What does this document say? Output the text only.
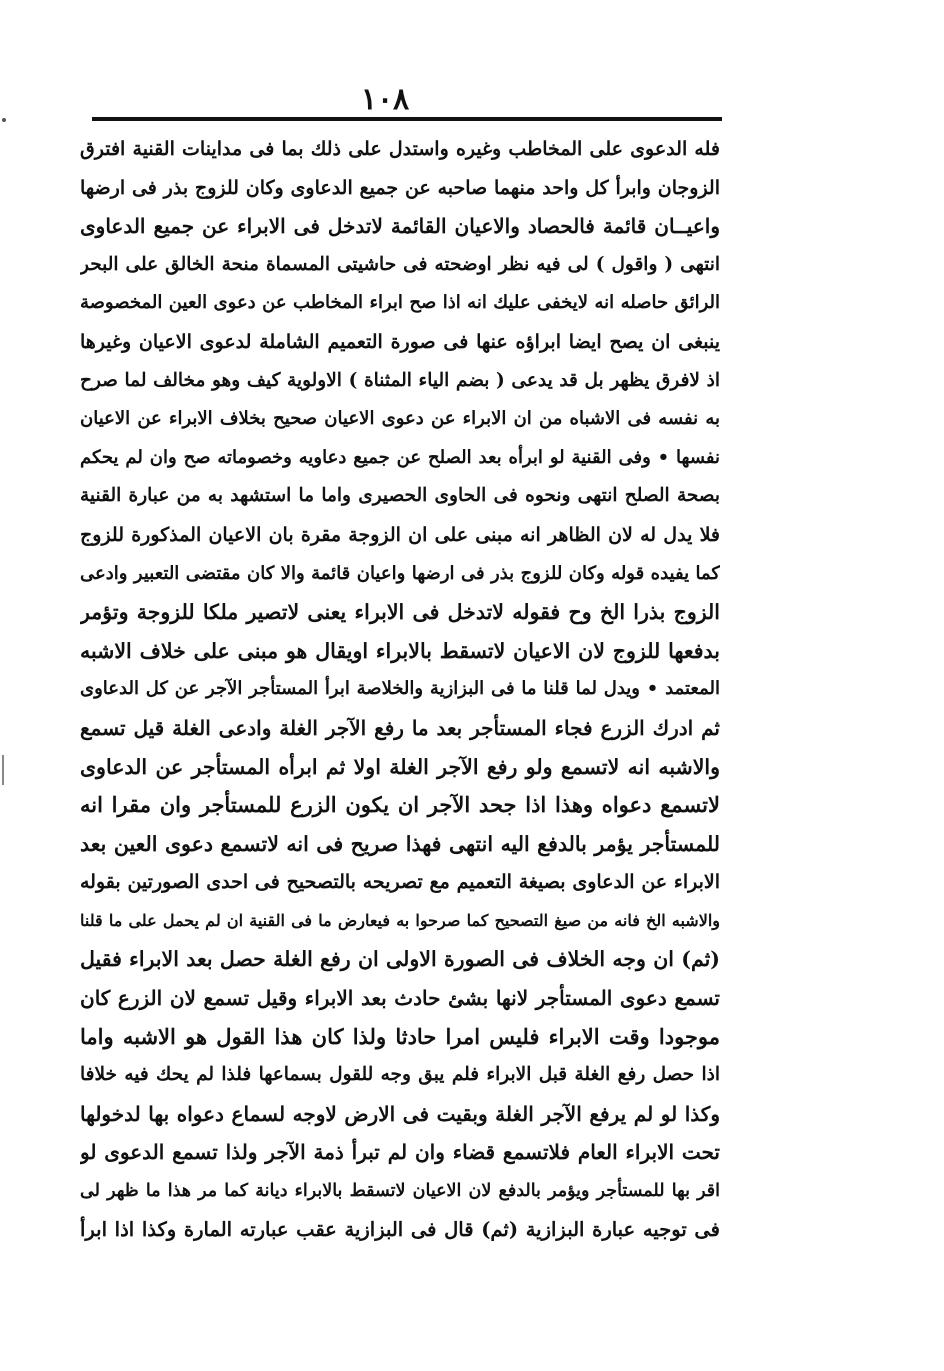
١٠٨
فله الدعوى على المخاطب وغيره واستدل على ذلك بما فى مداينات القنية افترق
الزوجان وابرأ كل واحد منهما صاحبه عن جميع الدعاوى وكان للزوج بذر فى ارضها
واعيــان قائمة فالحصاد والاعيان القائمة لاتدخل فى الابراء عن جميع الدعاوى
انتهى ( واقول ) لى فيه نظر اوضحته فى حاشيتى المسماة منحة الخالق على البحر
الرائق حاصله انه لايخفى عليك انه اذا صح ابراء المخاطب عن دعوى العين المخصوصة
ينبغى ان يصح ايضا ابراؤه عنها فى صورة التعميم الشاملة لدعوى الاعيان وغيرها
اذ لافرق يظهر بل قد يدعى ( بضم الياء المثناة ) الاولوية كيف وهو مخالف لما صرح
به نفسه فى الاشباه من ان الابراء عن دعوى الاعيان صحيح بخلاف الابراء عن الاعيان
نفسها • وفى القنية لو ابرأه بعد الصلح عن جميع دعاويه وخصوماته صح وان لم يحكم
بصحة الصلح انتهى ونحوه فى الحاوى الحصيرى واما ما استشهد به من عبارة القنية
فلا يدل له لان الظاهر انه مبنى على ان الزوجة مقرة بان الاعيان المذكورة للزوج
كما يفيده قوله وكان للزوج بذر فى ارضها واعيان قائمة والا كان مقتضى التعبير وادعى
الزوج بذرا الخ وح فقوله لاتدخل فى الابراء يعنى لاتصير ملكا للزوجة وتؤمر
بدفعها للزوج لان الاعيان لاتسقط بالابراء اويقال هو مبنى على خلاف الاشبه
المعتمد • ويدل لما قلنا ما فى البزازية والخلاصة ابرأ المستأجر الآجر عن كل الدعاوى
ثم ادرك الزرع فجاء المستأجر بعد ما رفع الآجر الغلة وادعى الغلة قيل تسمع
والاشبه انه لاتسمع ولو رفع الآجر الغلة اولا ثم ابرأه المستأجر عن الدعاوى
لاتسمع دعواه وهذا اذا جحد الآجر ان يكون الزرع للمستأجر وان مقرا انه
للمستأجر يؤمر بالدفع اليه انتهى فهذا صريح فى انه لاتسمع دعوى العين بعد
الابراء عن الدعاوى بصيغة التعميم مع تصريحه بالتصحيح فى احدى الصورتين بقوله
والاشبه الخ فانه من صيغ التصحيح كما صرحوا به فيعارض ما فى القنية ان لم يحمل على ما قلنا
(ثم) ان وجه الخلاف فى الصورة الاولى ان رفع الغلة حصل بعد الابراء فقيل
تسمع دعوى المستأجر لانها بشئ حادث بعد الابراء وقيل تسمع لان الزرع كان
موجودا وقت الابراء فليس امرا حادثا ولذا كان هذا القول هو الاشبه واما
اذا حصل رفع الغلة قبل الابراء فلم يبق وجه للقول بسماعها فلذا لم يحك فيه خلافا
وكذا لو لم يرفع الآجر الغلة وبقيت فى الارض لاوجه لسماع دعواه بها لدخولها
تحت الابراء العام فلاتسمع قضاء وان لم تبرأ ذمة الآجر ولذا تسمع الدعوى لو
اقر بها للمستأجر ويؤمر بالدفع لان الاعيان لاتسقط بالابراء ديانة كما مر هذا ما ظهر لى
فى توجيه عبارة البزازية (ثم) قال فى البزازية عقب عبارته المارة وكذا اذا ابرأ
